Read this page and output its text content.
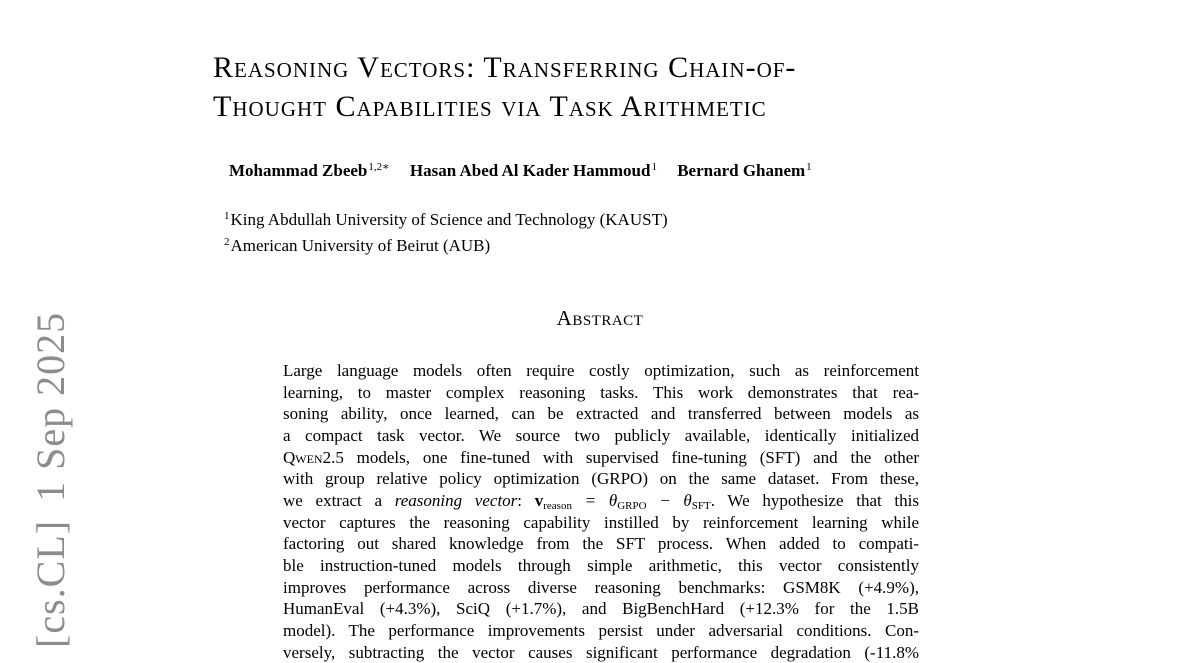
Reasoning Vectors: Transferring Chain-of-
Thought Capabilities via Task Arithmetic
Mohammad Zbeeb$^{1,2∗}$ Hasan Abed Al Kader Hammoud$^1$ Bernard Ghanem$^1$
$^1$King Abdullah University of Science and Technology (KAUST)
$^2$American University of Beirut (AUB)
Abstract
Large language models often require costly optimization, such as reinforcement
learning, to master complex reasoning tasks. This work demonstrates that rea-
soning ability, once learned, can be extracted and transferred between models as
a compact task vector. We source two publicly available, identically initialized
Qwen2.5 models, one fine-tuned with supervised fine-tuning (SFT) and the other
with group relative policy optimization (GRPO) on the same dataset. From these,
we extract a reasoning vector: $v_{reason} = \theta_{GRPO} - \theta_{SFT}$. We hypothesize that this
vector captures the reasoning capability instilled by reinforcement learning while
factoring out shared knowledge from the SFT process. When added to compati-
ble instruction-tuned models through simple arithmetic, this vector consistently
improves performance across diverse reasoning benchmarks: GSM8K (+4.9%),
HumanEval (+4.3%), SciQ (+1.7%), and BigBenchHard (+12.3% for the 1.5B
model). The performance improvements persist under adversarial conditions. Con-
versely, subtracting the vector causes significant performance degradation (-11.8%
[cs.CL]1 Sep 2025
